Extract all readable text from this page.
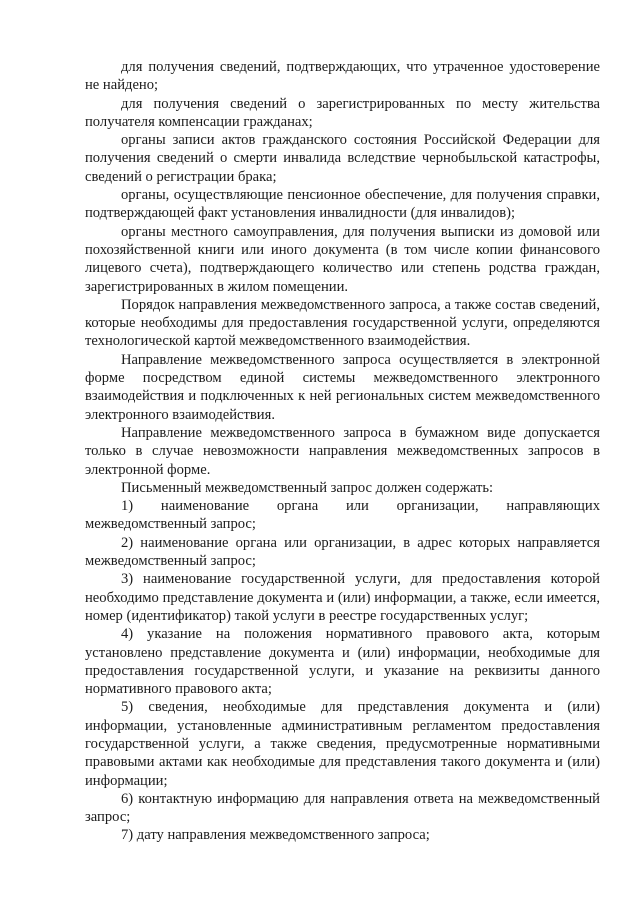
для получения сведений, подтверждающих, что утраченное удостоверение не найдено;

для получения сведений о зарегистрированных по месту жительства получателя компенсации гражданах;

органы записи актов гражданского состояния Российской Федерации для получения сведений о смерти инвалида вследствие чернобыльской катастрофы, сведений о регистрации брака;

органы, осуществляющие пенсионное обеспечение, для получения справки, подтверждающей факт установления инвалидности (для инвалидов);

органы местного самоуправления, для получения выписки из домовой или похозяйственной книги или иного документа (в том числе копии финансового лицевого счета), подтверждающего количество или степень родства граждан, зарегистрированных в жилом помещении.

Порядок направления межведомственного запроса, а также состав сведений, которые необходимы для предоставления государственной услуги, определяются технологической картой межведомственного взаимодействия.

Направление межведомственного запроса осуществляется в электронной форме посредством единой системы межведомственного электронного взаимодействия и подключенных к ней региональных систем межведомственного электронного взаимодействия.

Направление межведомственного запроса в бумажном виде допускается только в случае невозможности направления межведомственных запросов в электронной форме.

Письменный межведомственный запрос должен содержать:

1) наименование органа или организации, направляющих межведомственный запрос;

2) наименование органа или организации, в адрес которых направляется межведомственный запрос;

3) наименование государственной услуги, для предоставления которой необходимо представление документа и (или) информации, а также, если имеется, номер (идентификатор) такой услуги в реестре государственных услуг;

4) указание на положения нормативного правового акта, которым установлено представление документа и (или) информации, необходимые для предоставления государственной услуги, и указание на реквизиты данного нормативного правового акта;

5) сведения, необходимые для представления документа и (или) информации, установленные административным регламентом предоставления государственной услуги, а также сведения, предусмотренные нормативными правовыми актами как необходимые для представления такого документа и (или) информации;

6) контактную информацию для направления ответа на межведомственный запрос;

7) дату направления межведомственного запроса;
